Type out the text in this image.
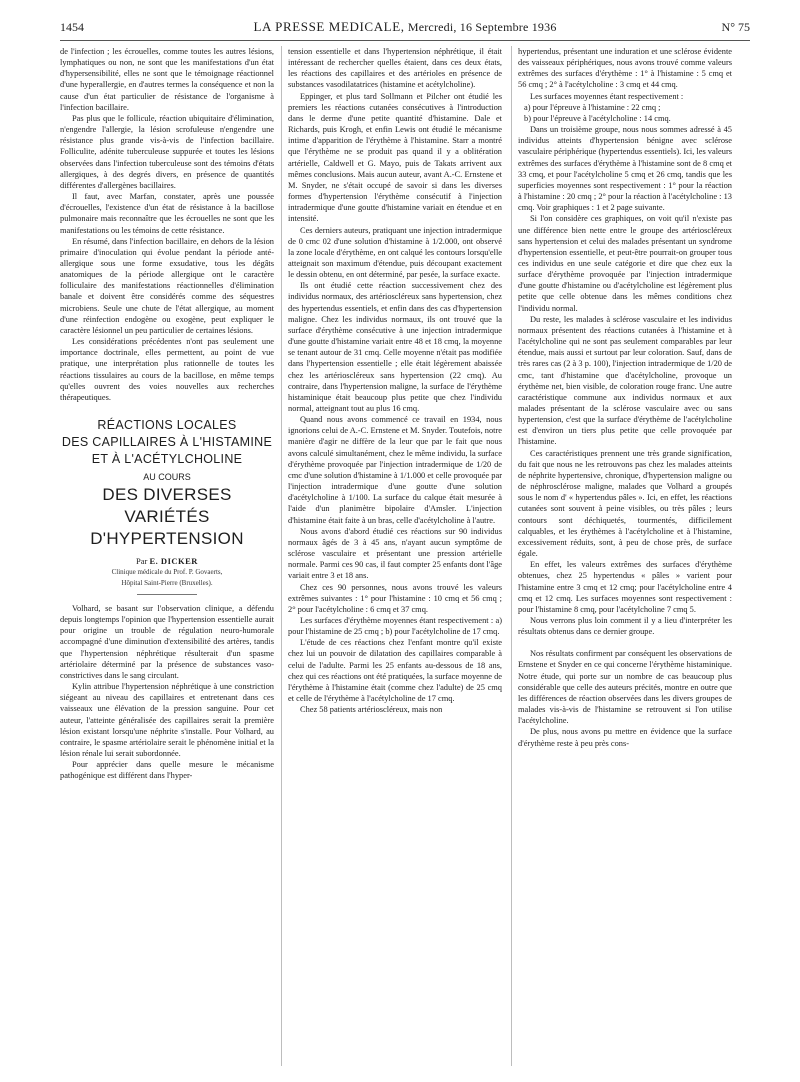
1454	LA PRESSE MEDICALE, Mercredi, 16 Septembre 1936	N° 75

de l'infection ; les écrouelles, comme toutes les autres lésions, lymphatiques ou non, ne sont que les manifestations d'un état d'hypersensibilité, elles ne sont que le témoignage réactionnel d'une hyperallergie, en d'autres termes la conséquence et non la cause d'un état particulier de résistance de l'organisme à l'infection bacillaire.

Pas plus que le follicule, réaction ubiquitaire d'élimination, n'engendre l'allergie, la lésion scrofuleuse n'engendre une résistance plus grande vis-à-vis de l'infection bacillaire. Folliculite, adénite tuberculeuse suppurée et toutes les lésions observées dans l'infection tuberculeuse sont des témoins d'états allergiques, à des degrés divers, en présence de quantités différentes d'allergènes bacillaires.

Il faut, avec Marfan, constater, après une poussée d'écrouelles, l'existence d'un état de résistance à la bacillose pulmonaire mais reconnaître que les écrouelles ne sont que les manifestations ou les témoins de cette résistance.

En résumé, dans l'infection bacillaire, en dehors de la lésion primaire d'inoculation qui évolue pendant la période anté-allergique sous une forme exsudative, tous les dégâts anatomiques de la période allergique ont le caractère folliculaire des manifestations réactionnelles d'élimination banale et doivent être considérés comme des séquestres microbiens. Seule une chute de l'état allergique, au moment d'une réinfection endogène ou exogène, peut expliquer le caractère lésionnel un peu particulier de certaines lésions.

Les considérations précédentes n'ont pas seulement une importance doctrinale, elles permettent, au point de vue pratique, une interprétation plus rationnelle de toutes les réactions tissulaires au cours de la bacillose, en même temps qu'elles ouvrent des voies nouvelles aux recherches thérapeutiques.

RÉACTIONS LOCALES
DES CAPILLAIRES À L'HISTAMINE
ET À L'ACÉTYLCHOLINE
AU COURS
DES DIVERSES VARIÉTÉS
D'HYPERTENSION
Par E. DICKER
Clinique médicale du Prof. P. Govaerts,
Hôpital Saint-Pierre (Bruxelles).

Volhard, se basant sur l'observation clinique, a défendu depuis longtemps l'opinion que l'hypertension essentielle aurait pour origine un trouble de régulation neuro-humorale accompagné d'une diminution d'extensibilité des artères, tandis que l'hypertension néphrétique résulterait d'un spasme artériolaire déterminé par la présence de substances vaso-constrictives dans le sang circulant.

Kylin attribue l'hypertension néphrétique à une constriction siégeant au niveau des capillaires et entretenant dans ces vaisseaux une élévation de la pression sanguine. Pour cet auteur, l'atteinte généralisée des capillaires serait la première lésion existant lorsqu'une néphrite s'installe. Pour Volhard, au contraire, le spasme artériolaire serait le phénomène initial et la lésion rénale lui serait subordonnée.

Pour apprécier dans quelle mesure le mécanisme pathogénique est différent dans l'hyper-

tension essentielle et dans l'hypertension néphrétique, il était intéressant de rechercher quelles étaient, dans ces deux états, les réactions des capillaires et des artérioles en présence de substances vasodilatatrices (histamine et acétylcholine).

Eppinger, et plus tard Sollmann et Pilcher ont étudié les premiers les réactions cutanées consécutives à l'introduction dans le derme d'une petite quantité d'histamine. Dale et Richards, puis Krogh, et enfin Lewis ont étudié le mécanisme intime d'apparition de l'érythème à l'histamine. Starr a montré que l'érythème ne se produit pas quand il y a oblitération artérielle, Caldwell et G. Mayo, puis de Takats arrivent aux mêmes conclusions. Mais aucun auteur, avant A.-C. Ernstene et M. Snyder, ne s'était occupé de savoir si dans les diverses formes d'hypertension l'érythème consécutif à l'injection intradermique d'une goutte d'histamine variait en étendue et en intensité.

Ces derniers auteurs, pratiquant une injection intradermique de 0 cmc 02 d'une solution d'histamine à 1/2.000, ont observé la zone locale d'érythème, en ont calqué les contours lorsqu'elle atteignait son maximum d'étendue, puis découpant exactement le dessin obtenu, en ont déterminé, par pesée, la surface exacte.

Ils ont étudié cette réaction successivement chez des individus normaux, des artérioscléreux sans hypertension, chez des hypertendus essentiels, et enfin dans des cas d'hypertension maligne. Chez les individus normaux, ils ont trouvé que la surface d'érythème consécutive à une injection intradermique d'une goutte d'histamine variait entre 48 et 18 cmq, la moyenne se tenant autour de 31 cmq. Celle moyenne n'était pas modifiée dans l'hypertension essentielle ; elle était légèrement abaissée chez les artérioscléreux sans hypertension (22 cmq). Au contraire, dans l'hypertension maligne, la surface de l'érythème histaminique était beaucoup plus petite que chez l'individu normal, atteignant tout au plus 16 cmq.

Quand nous avons commencé ce travail en 1934, nous ignorions celui de A.-C. Ernstene et M. Snyder. Toutefois, notre manière d'agir ne diffère de la leur que par le fait que nous avons calculé simultanément, chez le même individu, la surface d'érythème provoquée par l'injection intradermique de 1/20 de cmc d'une solution d'histamine à 1/1.000 et celle provoquée par l'injection intradermique d'une goutte d'une solution d'acétylcholine à 1/100. La surface du calque était mesurée à l'aide d'un planimètre bipolaire d'Amsler. L'injection d'histamine était faite à un bras, celle d'acétylcholine à l'autre.

Nous avons d'abord étudié ces réactions sur 90 individus normaux âgés de 3 à 45 ans, n'ayant aucun symptôme de sclérose vasculaire et présentant une pression artérielle normale. Parmi ces 90 cas, il faut compter 25 enfants dont l'âge variait entre 3 et 18 ans.

Chez ces 90 personnes, nous avons trouvé les valeurs extrêmes suivantes : 1° pour l'histamine : 10 cmq et 56 cmq ; 2° pour l'acétylcholine : 6 cmq et 37 cmq.

Les surfaces d'érythème moyennes étant respectivement : a) pour l'histamine de 25 cmq ; b) pour l'acétylcholine de 17 cmq.

L'étude de ces réactions chez l'enfant montre qu'il existe chez lui un pouvoir de dilatation des capillaires comparable à celui de l'adulte. Parmi les 25 enfants au-dessous de 18 ans, chez qui ces réactions ont été pratiquées, la surface moyenne de l'érythème à l'histamine était (comme chez l'adulte) de 25 cmq et celle de l'érythème à l'acétylcholine de 17 cmq.

Chez 58 patients artérioscléreux, mais non

hypertendus, présentant une induration et une sclérose évidente des vaisseaux périphériques, nous avons trouvé comme valeurs extrêmes des surfaces d'érythème : 1° à l'histamine : 5 cmq et 56 cmq ; 2° à l'acétylcholine : 3 cmq et 44 cmq.

Les surfaces moyennes étant respectivement :

a) pour l'épreuve à l'histamine : 22 cmq ;

b) pour l'épreuve à l'acétylcholine : 14 cmq.

Dans un troisième groupe, nous nous sommes adressé à 45 individus atteints d'hypertension bénigne avec sclérose vasculaire périphérique (hypertendus essentiels). Ici, les valeurs extrêmes des surfaces d'érythème à l'histamine sont de 8 cmq et 33 cmq, et pour l'acétylcholine 5 cmq et 26 cmq, tandis que les superficies moyennes sont respectivement : 1° pour la réaction à l'histamine : 20 cmq ; 2° pour la réaction à l'acétylcholine : 13 cmq. Voir graphiques : 1 et 2 page suivante.

Si l'on considère ces graphiques, on voit qu'il n'existe pas une différence bien nette entre le groupe des artérioscléreux sans hypertension et celui des malades présentant un syndrome d'hypertension essentielle, et peut-être pourrait-on grouper tous ces individus en une seule catégorie et dire que chez eux la surface d'érythème provoquée par l'injection intradermique d'une goutte d'histamine ou d'acétylcholine est légèrement plus petite que celle obtenue dans les mêmes conditions chez l'individu normal.

Du reste, les malades à sclérose vasculaire et les individus normaux présentent des réactions cutanées à l'histamine et à l'acétylcholine qui ne sont pas seulement comparables par leur étendue, mais aussi et surtout par leur coloration. Sauf, dans de très rares cas (2 à 3 p. 100), l'injection intradermique de 1/20 de cmc, tant d'histamine que d'acétylcholine, provoque un érythème net, bien visible, de coloration rouge franc. Une autre caractéristique commune aux individus normaux et aux malades présentant de la sclérose vasculaire avec ou sans hypertension, c'est que la surface d'érythème de l'acétylcholine est d'environ un tiers plus petite que celle provoquée par l'histamine.

Ces caractéristiques prennent une très grande signification, du fait que nous ne les retrouvons pas chez les malades atteints de néphrite hypertensive, chronique, d'hypertension maligne ou de néphrosclérose maligne, malades que Volhard a groupés sous le nom d' « hypertendus pâles ». Ici, en effet, les réactions cutanées sont souvent à peine visibles, ou très pâles ; leurs contours sont déchiquetés, tourmentés, difficilement calquables, et les érythèmes à l'acétylcholine et à l'histamine, excessivement réduits, sont, à peu de chose près, de surface égale.

En effet, les valeurs extrêmes des surfaces d'érythème obtenues, chez 25 hypertendus « pâles » varient pour l'histamine entre 3 cmq et 12 cmq; pour l'acétylcholine entre 4 cmq et 12 cmq. Les surfaces moyennes sont respectivement : pour l'histamine 8 cmq, pour l'acétylcholine 7 cmq 5.

Nous verrons plus loin comment il y a lieu d'interpréter les résultats obtenus dans ce dernier groupe.

Nos résultats confirment par conséquent les observations de Ernstene et Snyder en ce qui concerne l'érythème histaminique. Notre étude, qui porte sur un nombre de cas beaucoup plus considérable que celle des auteurs précités, montre en outre que les différences de réaction observées dans les divers groupes de malades vis-à-vis de l'histamine se retrouvent si l'on utilise l'acétylcholine.

De plus, nous avons pu mettre en évidence que la surface d'érythème reste à peu près cons-
